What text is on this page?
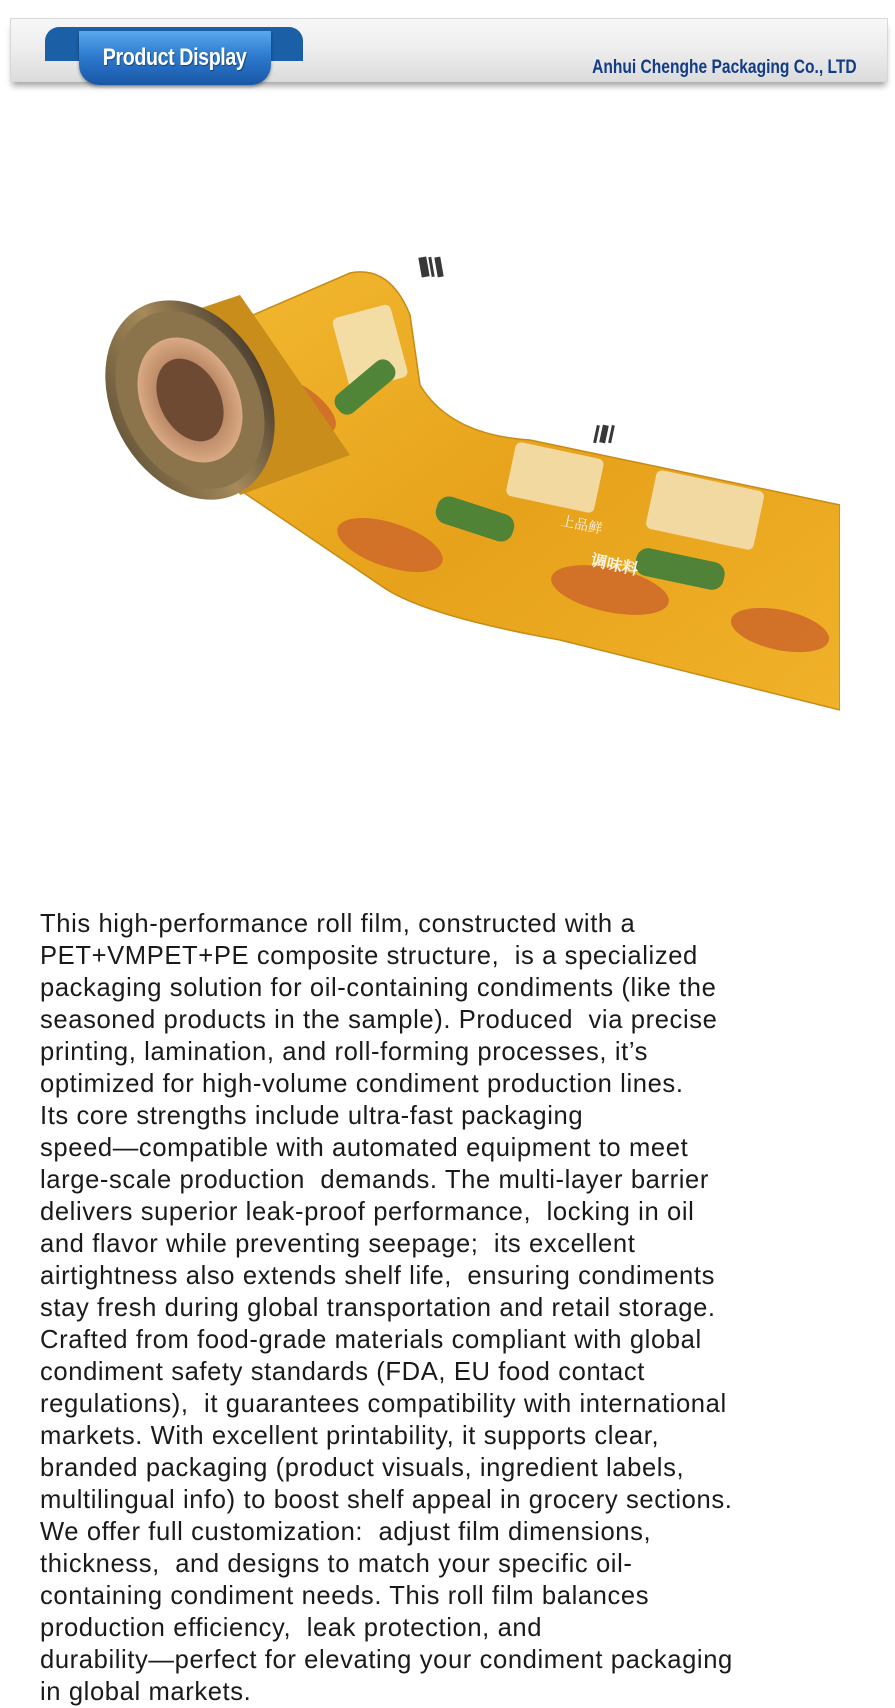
Product Display	Anhui Chenghe Packaging Co., LTD
上品鲜
调味料
This high-performance roll film, constructed with a
PET+VMPET+PE composite structure,  is a specialized
packaging solution for oil-containing condiments (like the
seasoned products in the sample). Produced  via precise
printing, lamination, and roll-forming processes, it’s
optimized for high-volume condiment production lines.
Its core strengths include ultra-fast packaging
speed—compatible with automated equipment to meet
large-scale production  demands. The multi-layer barrier
delivers superior leak-proof performance,  locking in oil
and flavor while preventing seepage;  its excellent
airtightness also extends shelf life,  ensuring condiments
stay fresh during global transportation and retail storage.
Crafted from food-grade materials compliant with global
condiment safety standards (FDA, EU food contact
regulations),  it guarantees compatibility with international
markets. With excellent printability, it supports clear,
branded packaging (product visuals, ingredient labels,
multilingual info) to boost shelf appeal in grocery sections.
We offer full customization:  adjust film dimensions,
thickness,  and designs to match your specific oil-
containing condiment needs. This roll film balances
production efficiency,  leak protection, and
durability—perfect for elevating your condiment packaging
in global markets.
